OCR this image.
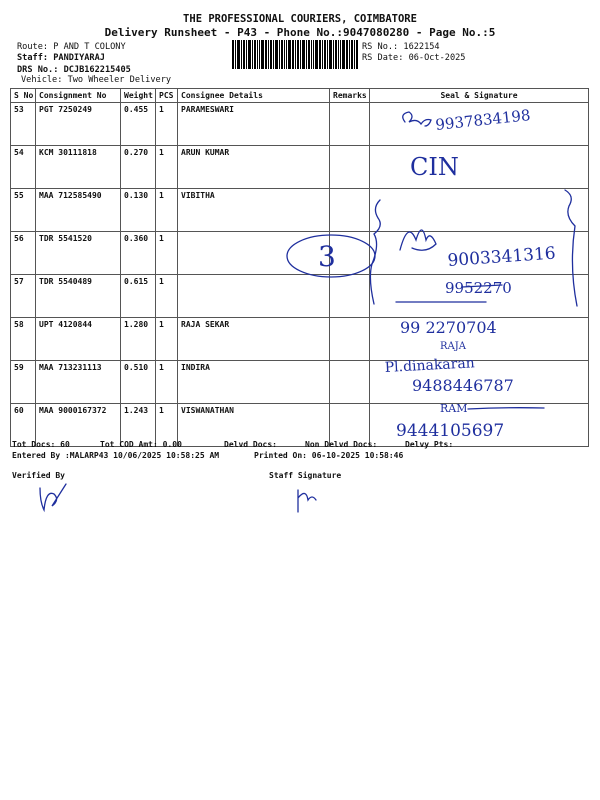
THE PROFESSIONAL COURIERS, COIMBATORE
Delivery Runsheet - P43 - Phone No.:9047080280 - Page No.:5
Route: P AND T COLONY
Staff: PANDIYARAJ
DRS No.: DCJB162215405
Vehicle: Two Wheeler Delivery
RS No.: 1622154
RS Date: 06-Oct-2025
S No	Consignment No	Weight	PCS	Consignee Details	Remarks	Seal & Signature
53	PGT 7250249	0.455	1	PARAMESWARI		
54	KCM 30111818	0.270	1	ARUN KUMAR		
55	MAA 712585490	0.130	1	VIBITHA		
56	TDR 5541520	0.360	1			
57	TDR 5540489	0.615	1			
58	UPT 4120844	1.280	1	RAJA SEKAR		
59	MAA 713231113	0.510	1	INDIRA		
60	MAA 9000167372	1.243	1	VISWANATHAN		
Tot Docs: 60	Tot COD Amt: 0.00	Delvd Docs:	Non Delvd Docs:	Delvy Pts:
Entered By :MALARP43 10/06/2025 10:58:25 AM	Printed On: 06-10-2025 10:58:46
Verified By	Staff Signature
9937834198
CIN
3	9003341316
9952270
99 2270704
RAJA
Pl.dinakaran
9488446787
RAM
9444105697
